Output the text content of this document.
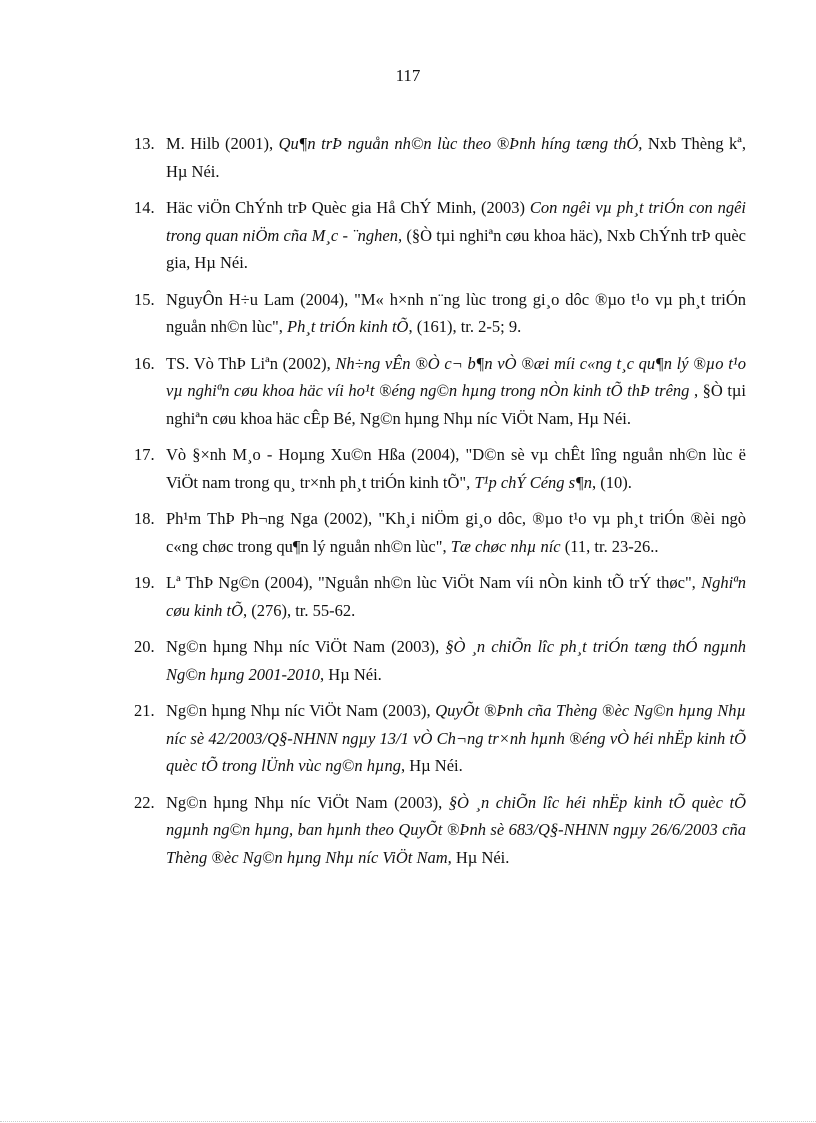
117
13. M. Hilb (2001), Qu¶n trÞ nguån nh©n lùc theo ®Þnh híng tæng thÓ, Nxb Thèng kª, Hµ Néi.
14. Häc viÖn ChÝnh trÞ Quèc gia Hå ChÝ Minh, (2003) Con ngêi vµ ph¸t triÓn con ngêi trong quan niÖm cña M¸c - ¨nghen, (§Ò tµi nghiªn cøu khoa häc), Nxb ChÝnh trÞ quèc gia, Hµ Néi.
15. NguyÔn H÷u Lam (2004), "M« h×nh n¨ng lùc trong gi¸o dôc ®µo t¹o vµ ph¸t triÓn nguån nh©n lùc", Ph¸t triÓn kinh tÕ, (161), tr. 2-5; 9.
16. TS. Vò ThÞ Liªn (2002), Nh÷ng vÊn ®Ò c¬ b¶n vÒ ®æi míi c«ng t¸c qu¶n lý ®µo t¹o vµ nghiªn cøu khoa häc víi ho¹t ®éng ng©n hµng trong nÒn kinh tÕ thÞ trêng , §Ò tµi nghiªn cøu khoa häc cÊp Bé, Ng©n hµng Nhµ níc ViÖt Nam, Hµ Néi.
17. Vò §×nh M¸o - Hoµng Xu©n Hßa (2004), "D©n sè vµ chÊt lîng nguån nh©n lùc ë ViÖt nam trong qu¸ tr×nh ph¸t triÓn kinh tÕ", T¹p chÝ Céng s¶n, (10).
18. Ph¹m ThÞ Ph¬ng Nga (2002), "Kh¸i niÖm gi¸o dôc, ®µo t¹o vµ ph¸t triÓn ®èi ngò c«ng chøc trong qu¶n lý nguån nh©n lùc", Tæ chøc nhµ níc (11, tr. 23-26..
19. Lª ThÞ Ng©n (2004), "Nguån nh©n lùc ViÖt Nam víi nÒn kinh tÕ trÝ thøc", Nghiªn cøu kinh tÕ, (276), tr. 55-62.
20. Ng©n hµng Nhµ níc ViÖt Nam (2003), §Ò ¸n chiÕn lîc ph¸t triÓn tæng thÓ ngµnh Ng©n hµng 2001-2010, Hµ Néi.
21. Ng©n hµng Nhµ níc ViÖt Nam (2003), QuyÕt ®Þnh cña Thèng ®èc Ng©n hµng Nhµ níc sè 42/2003/Q§-NHNN ngµy 13/1 vÒ Ch¬ng tr×nh hµnh ®éng vÒ héi nhËp kinh tÕ quèc tÕ trong lÜnh vùc ng©n hµng, Hµ Néi.
22. Ng©n hµng Nhµ níc ViÖt Nam (2003), §Ò ¸n chiÕn lîc héi nhËp kinh tÕ quèc tÕ ngµnh ng©n hµng, ban hµnh theo QuyÕt ®Þnh sè 683/Q§-NHNN ngµy 26/6/2003 cña Thèng ®èc Ng©n hµng Nhµ níc ViÖt Nam, Hµ Néi.
